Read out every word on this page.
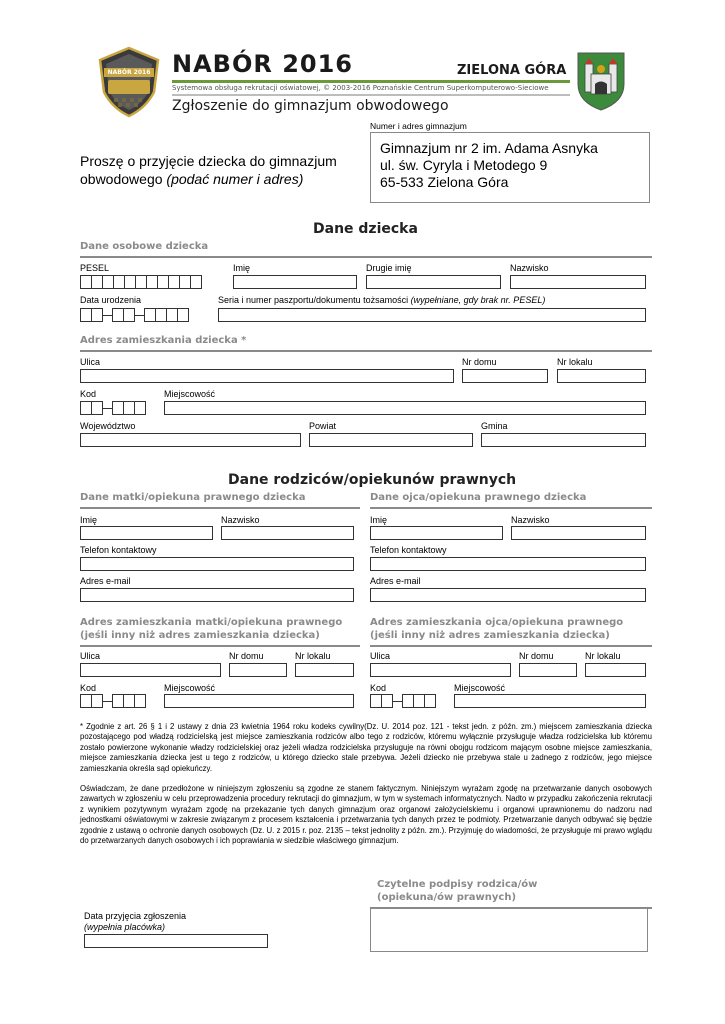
NABÓR 2016 NABÓR 2016
Systemowa obsługa rekrutacji oświatowej, © 2003-2016 Poznańskie Centrum Superkomputerowo-Sieciowe
ZIELONA GÓRA
Zgłoszenie do gimnazjum obwodowego
Numer i adres gimnazjum
Proszę o przyjęcie dziecka do gimnazjum
obwodowego (podać numer i adres)
Gimnazjum nr 2 im. Adama Asnyka
ul. św. Cyryla i Metodego 9
65-533 Zielona Góra
Dane dziecka
Dane osobowe dziecka
PESEL	Imię	Drugie imię	Nazwisko
Data urodzenia	Seria i numer paszportu/dokumentu tożsamości (wypełniane, gdy brak nr. PESEL)
Adres zamieszkania dziecka *
Ulica	Nr domu	Nr lokalu
Kod	Miejscowość
Województwo	Powiat	Gmina
Dane rodziców/opiekunów prawnych
Dane matki/opiekuna prawnego dziecka	Dane ojca/opiekuna prawnego dziecka
Imię	Nazwisko
Telefon kontaktowy
Adres e-mail
Imię	Nazwisko
Telefon kontaktowy
Adres e-mail
Adres zamieszkania matki/opiekuna prawnego
(jeśli inny niż adres zamieszkania dziecka)
Adres zamieszkania ojca/opiekuna prawnego
(jeśli inny niż adres zamieszkania dziecka)
Ulica	Nr domu	Nr lokalu
Kod	Miejscowość
Ulica	Nr domu	Nr lokalu
Kod	Miejscowość
* Zgodnie z art. 26 § 1 i 2 ustawy z dnia 23 kwietnia 1964 roku kodeks cywilny(Dz. U. 2014 poz. 121 - tekst jedn. z późn. zm.) miejscem zamieszkania dziecka pozostającego pod władzą rodzicielską jest miejsce zamieszkania rodziców albo tego z rodziców, któremu wyłącznie przysługuje władza rodzicielska lub któremu zostało powierzone wykonanie władzy rodzicielskiej oraz jeżeli władza rodzicielska przysługuje na równi obojgu rodzicom mającym osobne miejsce zamieszkania, miejsce zamieszkania dziecka jest u tego z rodziców, u którego dziecko stale przebywa. Jeżeli dziecko nie przebywa stale u żadnego z rodziców, jego miejsce zamieszkania określa sąd opiekuńczy.
Oświadczam, że dane przedłożone w niniejszym zgłoszeniu są zgodne ze stanem faktycznym. Niniejszym wyrażam zgodę na przetwarzanie danych osobowych zawartych w zgłoszeniu w celu przeprowadzenia procedury rekrutacji do gimnazjum, w tym w systemach informatycznych. Nadto w przypadku zakończenia rekrutacji z wynikiem pozytywnym wyrażam zgodę na przekazanie tych danych gimnazjum oraz organowi założycielskiemu i organowi uprawnionemu do nadzoru nad jednostkami oświatowymi w zakresie związanym z procesem kształcenia i przetwarzania tych danych przez te podmioty. Przetwarzanie danych odbywać się będzie zgodnie z ustawą o ochronie danych osobowych (Dz. U. z 2015 r. poz. 2135 – tekst jednolity z późn. zm.). Przyjmuję do wiadomości, że przysługuje mi prawo wglądu do przetwarzanych danych osobowych i ich poprawiania w siedzibie właściwego gimnazjum.
Czytelne podpisy rodzica/ów
(opiekuna/ów prawnych)
Data przyjęcia zgłoszenia
(wypełnia placówka)
